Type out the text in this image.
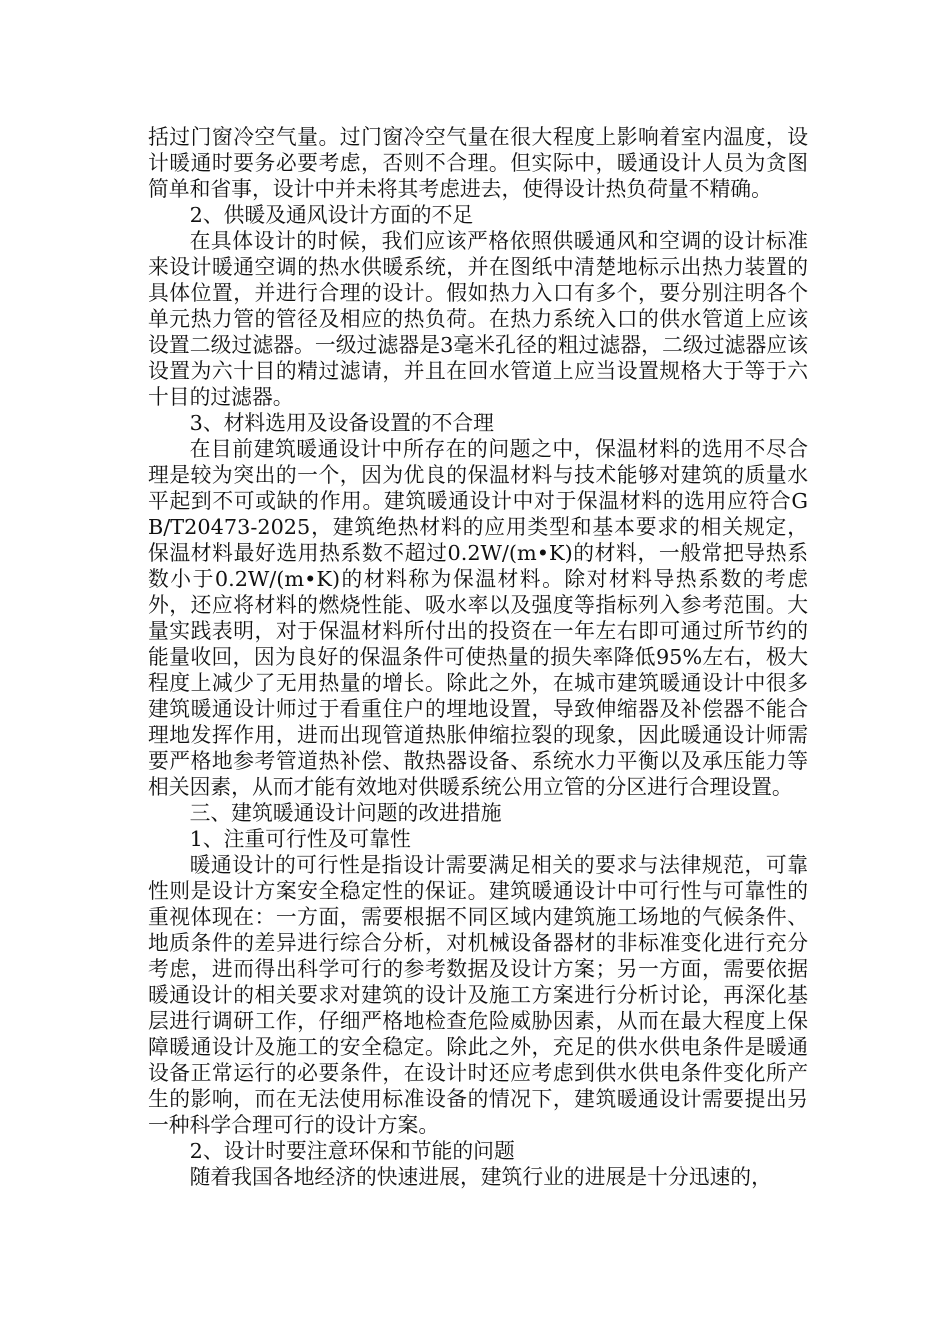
括过门窗冷空气量。过门窗冷空气量在很大程度上影响着室内温度，设计暖通时要务必要考虑，否则不合理。但实际中，暖通设计人员为贪图简单和省事，设计中并未将其考虑进去，使得设计热负荷量不精确。

2、供暖及通风设计方面的不足

在具体设计的时候，我们应该严格依照供暖通风和空调的设计标准来设计暖通空调的热水供暖系统，并在图纸中清楚地标示出热力装置的具体位置，并进行合理的设计。假如热力入口有多个，要分别注明各个单元热力管的管径及相应的热负荷。在热力系统入口的供水管道上应该设置二级过滤器。一级过滤器是3毫米孔径的粗过滤器，二级过滤器应该设置为六十目的精过滤请，并且在回水管道上应当设置规格大于等于六十目的过滤器。

3、材料选用及设备设置的不合理

在目前建筑暖通设计中所存在的问题之中，保温材料的选用不尽合理是较为突出的一个，因为优良的保温材料与技术能够对建筑的质量水平起到不可或缺的作用。建筑暖通设计中对于保温材料的选用应符合GB/T20473-2025，建筑绝热材料的应用类型和基本要求的相关规定，保温材料最好选用热系数不超过0.2W/(m•K)的材料，一般常把导热系数小于0.2W/(m•K)的材料称为保温材料。除对材料导热系数的考虑外，还应将材料的燃烧性能、吸水率以及强度等指标列入参考范围。大量实践表明，对于保温材料所付出的投资在一年左右即可通过所节约的能量收回，因为良好的保温条件可使热量的损失率降低95%左右，极大程度上减少了无用热量的增长。除此之外，在城市建筑暖通设计中很多建筑暖通设计师过于看重住户的埋地设置，导致伸缩器及补偿器不能合理地发挥作用，进而出现管道热胀伸缩拉裂的现象，因此暖通设计师需要严格地参考管道热补偿、散热器设备、系统水力平衡以及承压能力等相关因素，从而才能有效地对供暖系统公用立管的分区进行合理设置。

三、建筑暖通设计问题的改进措施

1、注重可行性及可靠性

暖通设计的可行性是指设计需要满足相关的要求与法律规范，可靠性则是设计方案安全稳定性的保证。建筑暖通设计中可行性与可靠性的重视体现在：一方面，需要根据不同区域内建筑施工场地的气候条件、地质条件的差异进行综合分析，对机械设备器材的非标准变化进行充分考虑，进而得出科学可行的参考数据及设计方案；另一方面，需要依据暖通设计的相关要求对建筑的设计及施工方案进行分析讨论，再深化基层进行调研工作，仔细严格地检查危险威胁因素，从而在最大程度上保障暖通设计及施工的安全稳定。除此之外，充足的供水供电条件是暖通设备正常运行的必要条件，在设计时还应考虑到供水供电条件变化所产生的影响，而在无法使用标准设备的情况下，建筑暖通设计需要提出另一种科学合理可行的设计方案。

2、设计时要注意环保和节能的问题

随着我国各地经济的快速进展，建筑行业的进展是十分迅速的，
